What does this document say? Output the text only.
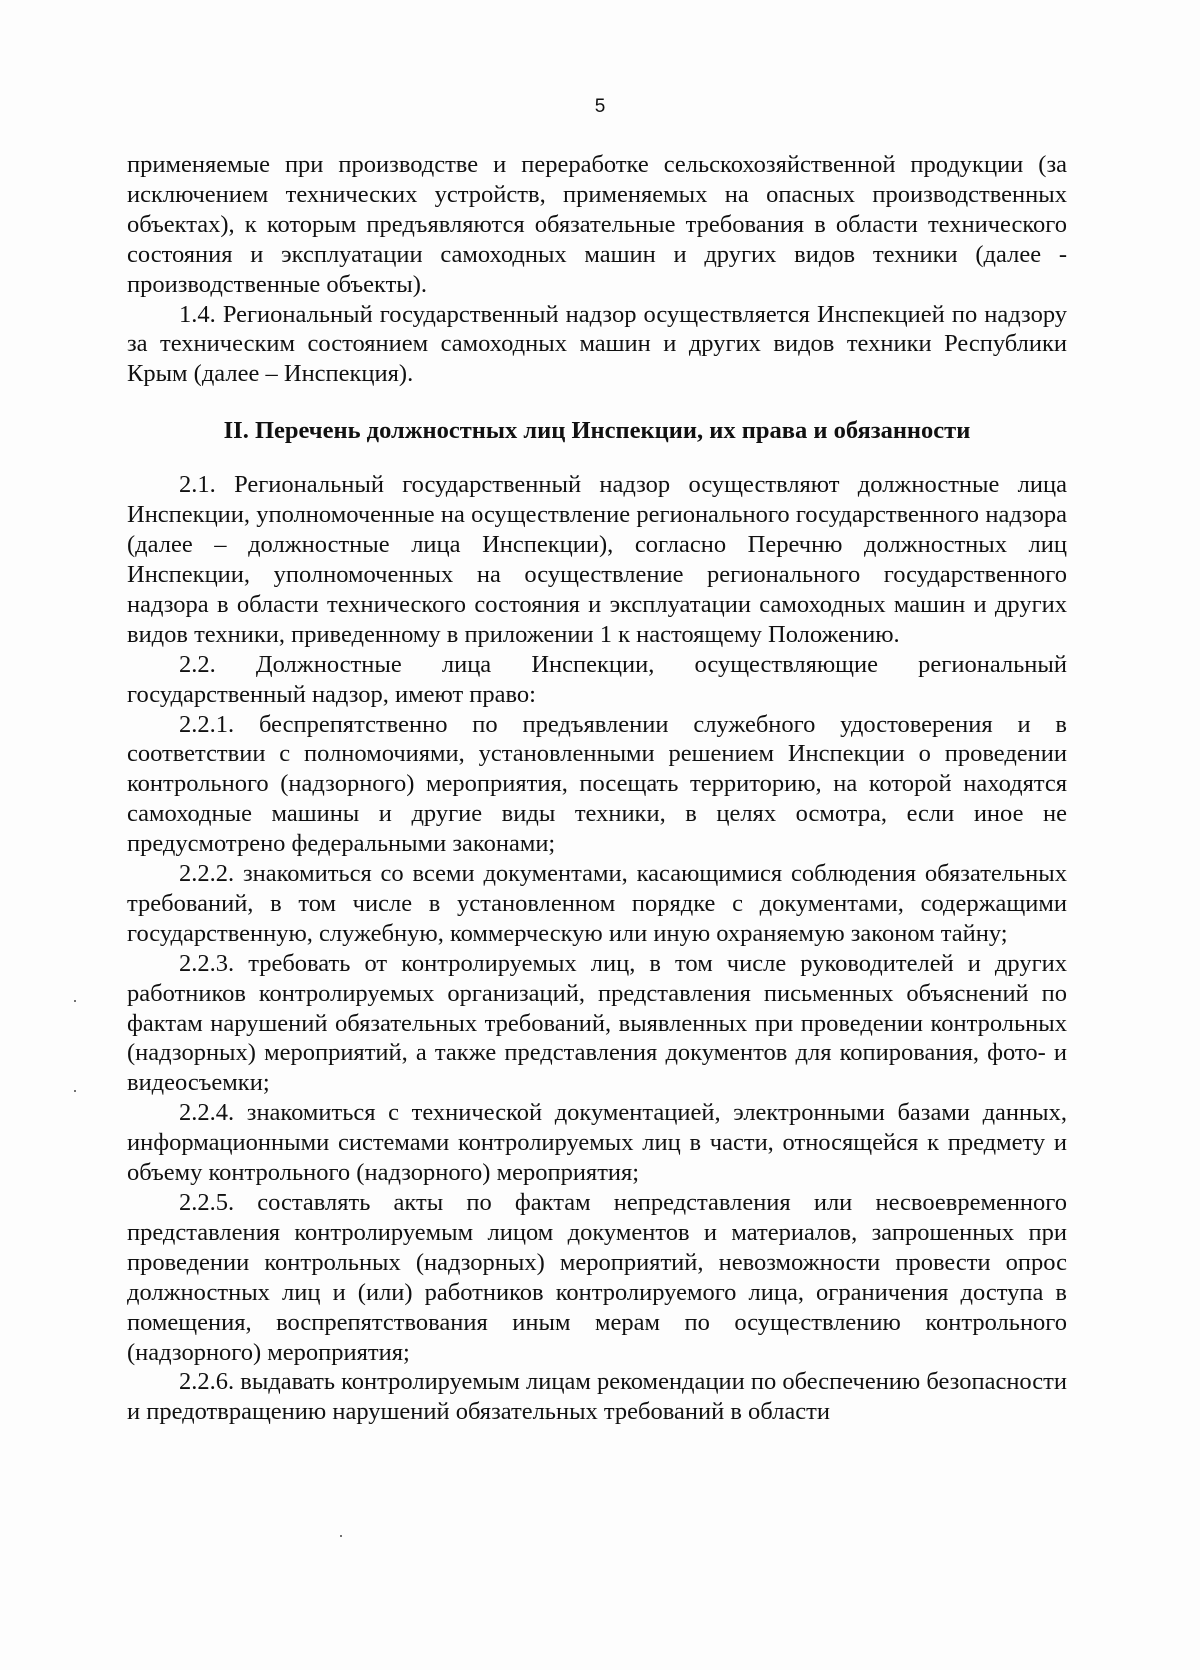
5

применяемые при производстве и переработке сельскохозяйственной продукции (за исключением технических устройств, применяемых на опасных производственных объектах), к которым предъявляются обязательные требования в области технического состояния и эксплуатации самоходных машин и других видов техники (далее - производственные объекты).

1.4. Региональный государственный надзор осуществляется Инспекцией по надзору за техническим состоянием самоходных машин и других видов техники Республики Крым (далее – Инспекция).

II. Перечень должностных лиц Инспекции, их права и обязанности

2.1. Региональный государственный надзор осуществляют должностные лица Инспекции, уполномоченные на осуществление регионального государственного надзора (далее – должностные лица Инспекции), согласно Перечню должностных лиц Инспекции, уполномоченных на осуществление регионального государственного надзора в области технического состояния и эксплуатации самоходных машин и других видов техники, приведенному в приложении 1 к настоящему Положению.

2.2. Должностные лица Инспекции, осуществляющие региональный государственный надзор, имеют право:

2.2.1. беспрепятственно по предъявлении служебного удостоверения и в соответствии с полномочиями, установленными решением Инспекции о проведении контрольного (надзорного) мероприятия, посещать территорию, на которой находятся самоходные машины и другие виды техники, в целях осмотра, если иное не предусмотрено федеральными законами;

2.2.2. знакомиться со всеми документами, касающимися соблюдения обязательных требований, в том числе в установленном порядке с документами, содержащими государственную, служебную, коммерческую или иную охраняемую законом тайну;

2.2.3. требовать от контролируемых лиц, в том числе руководителей и других работников контролируемых организаций, представления письменных объяснений по фактам нарушений обязательных требований, выявленных при проведении контрольных (надзорных) мероприятий, а также представления документов для копирования, фото- и видеосъемки;

2.2.4. знакомиться с технической документацией, электронными базами данных, информационными системами контролируемых лиц в части, относящейся к предмету и объему контрольного (надзорного) мероприятия;

2.2.5. составлять акты по фактам непредставления или несвоевременного представления контролируемым лицом документов и материалов, запрошенных при проведении контрольных (надзорных) мероприятий, невозможности провести опрос должностных лиц и (или) работников контролируемого лица, ограничения доступа в помещения, воспрепятствования иным мерам по осуществлению контрольного (надзорного) мероприятия;

2.2.6. выдавать контролируемым лицам рекомендации по обеспечению безопасности и предотвращению нарушений обязательных требований в области
